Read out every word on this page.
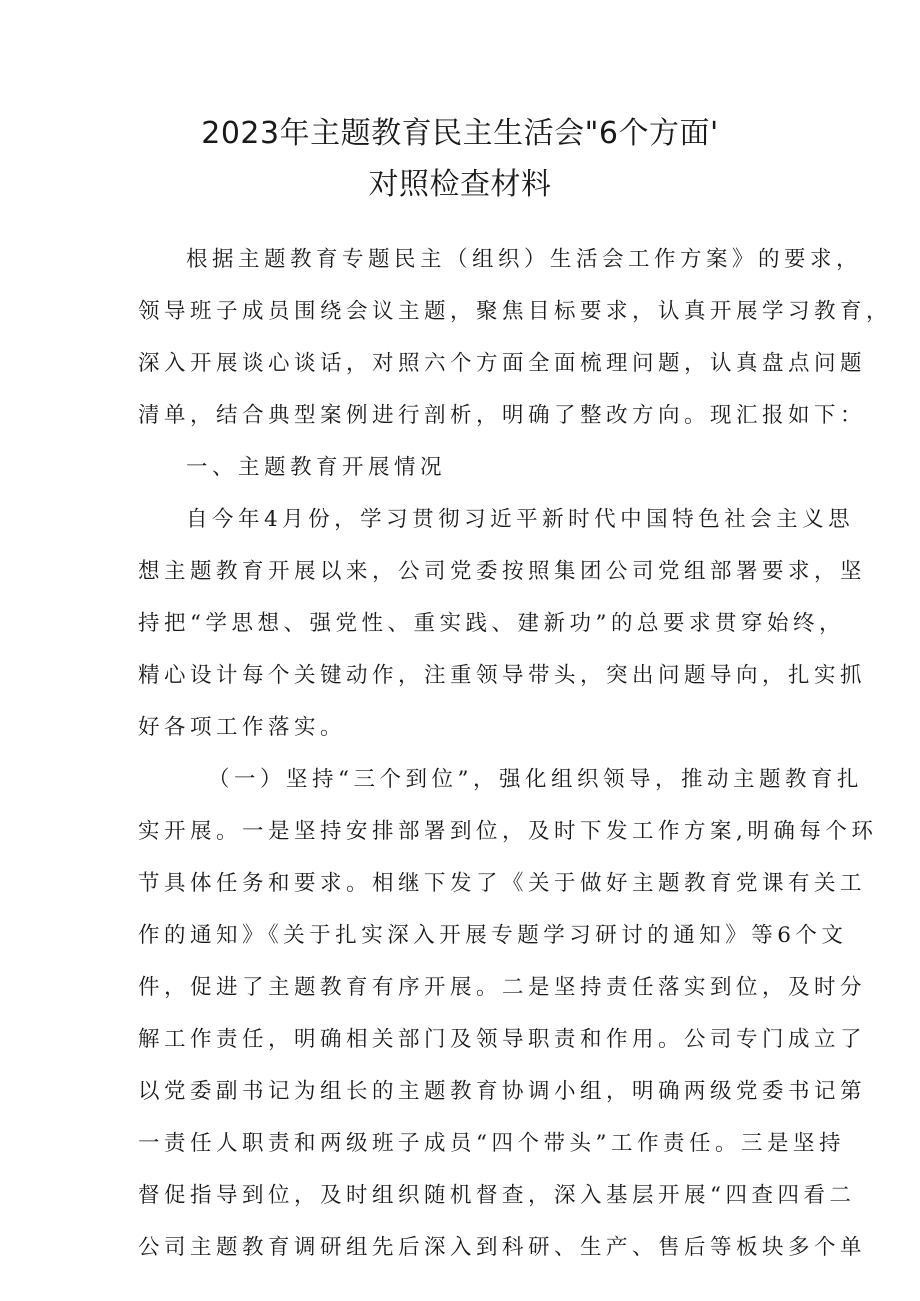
2023年主题教育民主生活会"6个方面'
对照检查材料
根据主题教育专题民主（组织）生活会工作方案》的要求，
领导班子成员围绕会议主题，聚焦目标要求，认真开展学习教育，
深入开展谈心谈话，对照六个方面全面梳理问题，认真盘点问题
清单，结合典型案例进行剖析，明确了整改方向。现汇报如下：
一、主题教育开展情况
自今年4月份，学习贯彻习近平新时代中国特色社会主义思
想主题教育开展以来，公司党委按照集团公司党组部署要求，坚
持把“学思想、强党性、重实践、建新功”的总要求贯穿始终，
精心设计每个关键动作，注重领导带头，突出问题导向，扎实抓
好各项工作落实。
（一）坚持“三个到位”，强化组织领导，推动主题教育扎
实开展。一是坚持安排部署到位，及时下发工作方案,明确每个环
节具体任务和要求。相继下发了《关于做好主题教育党课有关工
作的通知》《关于扎实深入开展专题学习研讨的通知》等6个文
件，促进了主题教育有序开展。二是坚持责任落实到位，及时分
解工作责任，明确相关部门及领导职责和作用。公司专门成立了
以党委副书记为组长的主题教育协调小组，明确两级党委书记第
一责任人职责和两级班子成员“四个带头”工作责任。三是坚持
督促指导到位，及时组织随机督查，深入基层开展“四查四看二
公司主题教育调研组先后深入到科研、生产、售后等板块多个单
